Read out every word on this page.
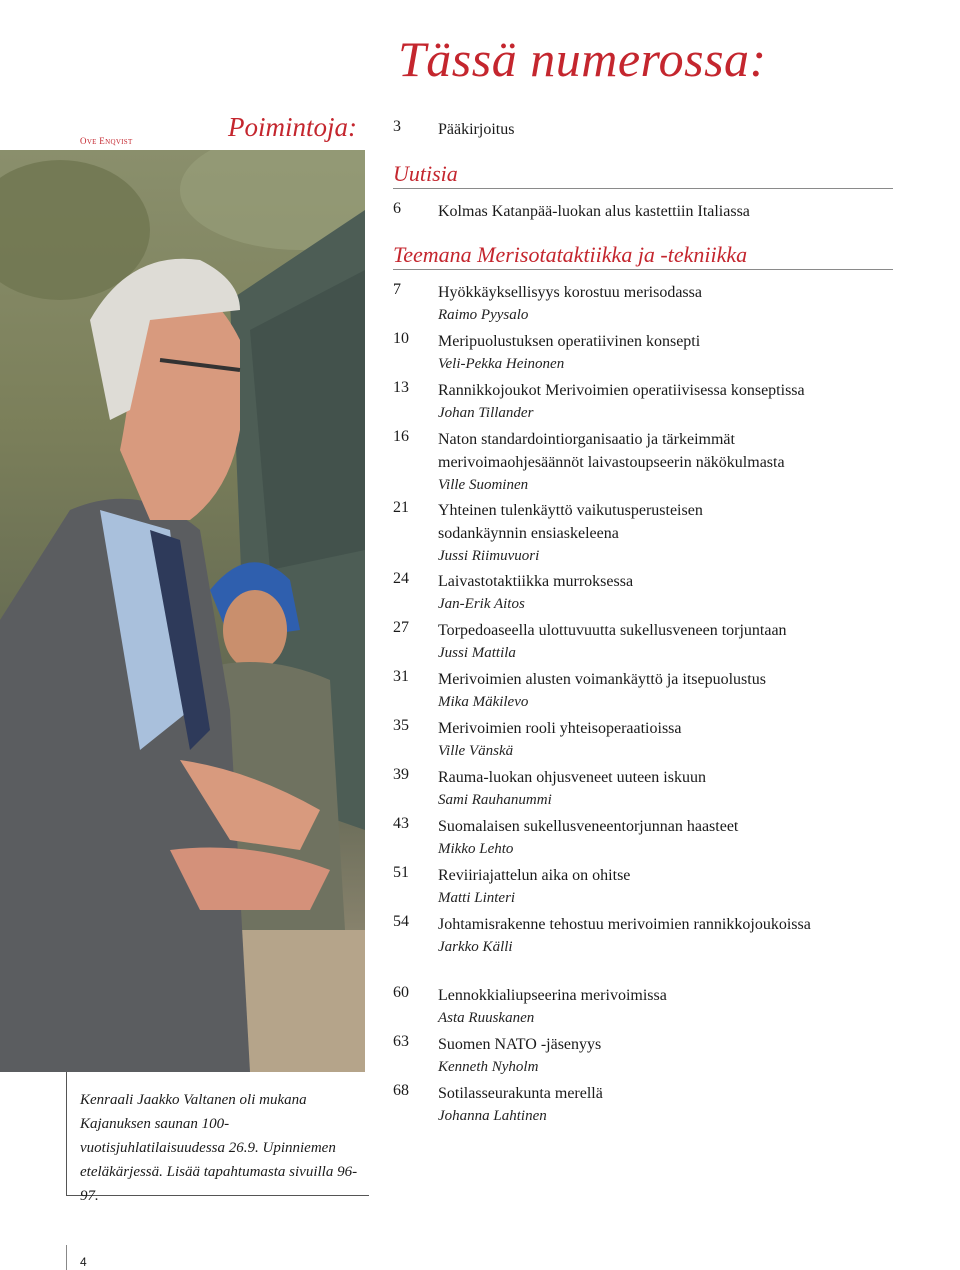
Tässä numerossa:
OVE ENQVIST	Poimintoja:
Kenraali Jaakko Valtanen oli mukana Kajanuksen saunan 100-vuotisjuhlatilaisuudessa 26.9. Upinniemen eteläkärjessä. Lisää tapahtumasta sivuilla 96-97.
3	Pääkirjoitus
Uutisia
6	Kolmas Katanpää-luokan alus kastettiin Italiassa
Teemana Merisotataktiikka ja -tekniikka
7	Hyökkäyksellisyys korostuu merisodassa
Raimo Pyysalo
10	Meripuolustuksen operatiivinen konsepti
Veli-Pekka Heinonen
13	Rannikkojoukot Merivoimien operatiivisessa konseptissa
Johan Tillander
16	Naton standardointiorganisaatio ja tärkeimmät merivoimaohjesäännöt laivastoupseerin näkökulmasta
Ville Suominen
21	Yhteinen tulenkäyttö vaikutusperusteisen sodankäynnin ensiaskeleena
Jussi Riimuvuori
24	Laivastotaktiikka murroksessa
Jan-Erik Aitos
27	Torpedoaseella ulottuvuutta sukellusveneen torjuntaan
Jussi Mattila
31	Merivoimien alusten voimankäyttö ja itsepuolustus
Mika Mäkilevo
35	Merivoimien rooli yhteisoperaatioissa
Ville Vänskä
39	Rauma-luokan ohjusveneet uuteen iskuun
Sami Rauhanummi
43	Suomalaisen sukellusveneentorjunnan haasteet
Mikko Lehto
51	Reviiriajattelun aika on ohitse
Matti Linteri
54	Johtamisrakenne tehostuu merivoimien rannikkojoukoissa
Jarkko Källi
60	Lennokkialiupseerina merivoimissa
Asta Ruuskanen
63	Suomen NATO -jäsenyys
Kenneth Nyholm
68	Sotilasseurakunta merellä
Johanna Lahtinen
4
